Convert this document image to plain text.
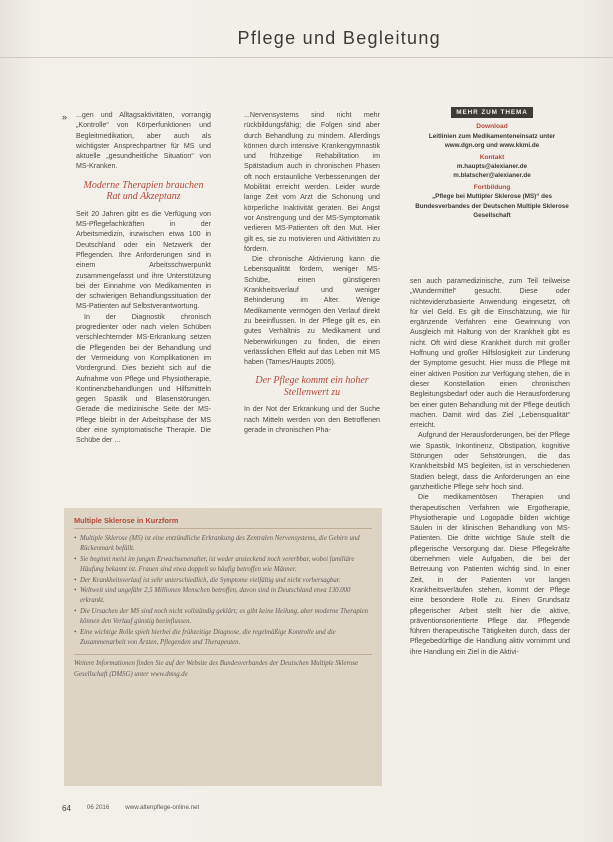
Pflege und Begleitung
» ...gen und Alltagsaktivitäten, vorrangig „Kontrolle“ von Körperfunktionen und Begleitmedikation, aber auch als wichtigster Ansprechpartner für MS und aktuelle „gesundheitliche Situation“ von MS-Kranken.

Moderne Therapien brauchen Rat und Akzeptanz

Seit 20 Jahren gibt es die Verfügung von MS-Pflegefachkräften in der Arbeitsmedizin, inzwischen etwa 100 in Deutschland oder ein Netzwerk der Pflegenden. Ihre Anforderungen sind in einem Arbeitsschwerpunkt zusammengefasst und ihre Unterstützung bei der Einnahme von Medikamenten in der schwierigen Behandlungssituation der MS-Patienten auf Selbstverantwortung.

In der Diagnostik chronisch progredienter oder nach vielen Schüben verschlechternder MS-Erkrankung setzen die Pflegenden bei der Behandlung und der Vermeidung von Komplikationen im Vordergrund. Dies bezieht sich auf die Aufnahme von Pflege und Physiotherapie, Kontinenzbehandlungen und Hilfsmitteln gegen Spastik und Blasenstörungen. Gerade die medizinische Seite der MS-Pflege bleibt in der Arbeitsphase der MS über eine symptomatische Therapie. Die Schübe der ...

...Nervensystems sind nicht mehr rückbildungsfähig; die Folgen sind aber durch Behandlung zu mindern. Allerdings können durch intensive Krankengymnastik und frühzeitige Rehabilitation im Spätstadium auch in chronischen Phasen oft noch erstaunliche Verbesserungen der Mobilität erreicht werden. Leider wurde lange Zeit vom Arzt die Schonung und körperliche Inaktivität geraten. Bei Angst vor Anstrengung und der MS-Symptomatik verlieren MS-Patienten oft den Mut. Hier gilt es, sie zu motivieren und Aktivitäten zu fördern.

Die chronische Aktivierung kann die Lebensqualität fördern, weniger MS-Schübe, einen günstigeren Krankheitsverlauf und weniger Behinderung im Alter. Wenige Medikamente vermögen den Verlauf direkt zu beeinflussen. In der Pflege gilt es, ein gutes Verhältnis zu Medikament und Nebenwirkungen zu finden, die einen verlässlichen Effekt auf das Leben mit MS haben (Tarnes/Haupts 2005).

Der Pflege kommt ein hoher Stellenwert zu

In der Not der Erkrankung und der Suche nach Mitteln werden von den Betroffenen gerade in chronischen Pha-

MEHR ZUM THEMA
Download
Leitlinien zum Medikamenteneinsatz unter www.dgn.org und www.kkmi.de
Kontakt
m.haupts@alexianer.de
m.blatscher@alexianer.de
Fortbildung
„Pflege bei Multipler Sklerose (MS)“ des Bundesverbandes der Deutschen Multiple Sklerose Gesellschaft

sen auch paramedizinische, zum Teil teilweise „Wundermittel“ gesucht. Diese oder nichtevidenzbasierte Anwendung eingesetzt, oft für viel Geld. Es gilt die Einschätzung, wie für ergänzende Verfahren eine Gewinnung von Ausgleich mit Haltung von der Krankheit gibt es nicht. Oft wird diese Krankheit durch mit großer Hoffnung und großer Hilfslosigkeit zur Linderung der Symptome gesucht. Hier muss die Pflege mit einer aktiven Position zur Verfügung stehen, die in dieser Konstellation einen chronischen Begleitungsbedarf oder auch die Herausforderung bei einer guten Behandlung mit der Pflege deutlich machen. Damit wird das Ziel „Lebensqualität“ erreicht.

Aufgrund der Herausforderungen, bei der Pflege wie Spastik, Inkontinenz, Obstipation, kognitive Störungen oder Sehstörungen, die das Krankheitsbild MS begleiten, ist in verschiedenen Stadien belegt, dass die Anforderungen an eine ganzheitliche Pflege sehr hoch sind.

Die medikamentösen Therapien und therapeutischen Verfahren wie Ergotherapie, Physiotherapie und Logopädie bilden wichtige Säulen in der klinischen Behandlung von MS-Patienten. Die dritte wichtige Säule stellt die pflegerische Versorgung dar. Diese Pflegekräfte übernehmen viele Aufgaben, die bei der Betreuung von Patienten wichtig sind. In einer Zeit, in der Patienten vor langen Krankheitsverläufen stehen, kommt der Pflege eine besondere Rolle zu. Einen Grundsatz pflegerischer Arbeit stellt hier die aktive, präventionsorientierte Pflege dar. Pflegende führen therapeutische Tätigkeiten durch, dass der Pflegebedürftige die Handlung aktiv vornimmt und ihre Handlung ein Ziel in die Aktivi-

Multiple Sklerose in Kurzform
• Multiple Sklerose (MS) ist eine entzündliche Erkrankung des Zentralen Nervensystems, die Gehirn und Rückenmark befällt.
• Sie beginnt meist im jungen Erwachsenenalter, ist weder ansteckend noch vererbbar, wobei familiäre Häufung bekannt ist. Frauen sind etwa doppelt so häufig betroffen wie Männer.
• Der Krankheitsverlauf ist sehr unterschiedlich, die Symptome vielfältig und nicht vorhersagbar.
• Weltweit sind ungefähr 2,5 Millionen Menschen betroffen, davon sind in Deutschland etwa 130.000 erkrankt.
• Die Ursachen der MS sind noch nicht vollständig geklärt; es gibt keine Heilung, aber moderne Therapien können den Verlauf günstig beeinflussen.
• Eine wichtige Rolle spielt hierbei die frühzeitige Diagnose, die regelmäßige Kontrolle und die Zusammenarbeit von Ärzten, Pflegenden und Therapeuten.
Weitere Informationen finden Sie auf der Website des Bundesverbandes der Deutschen Multiple Sklerose Gesellschaft (DMSG) unter www.dmsg.de
64	06 2016	www.altenpflege-online.net
